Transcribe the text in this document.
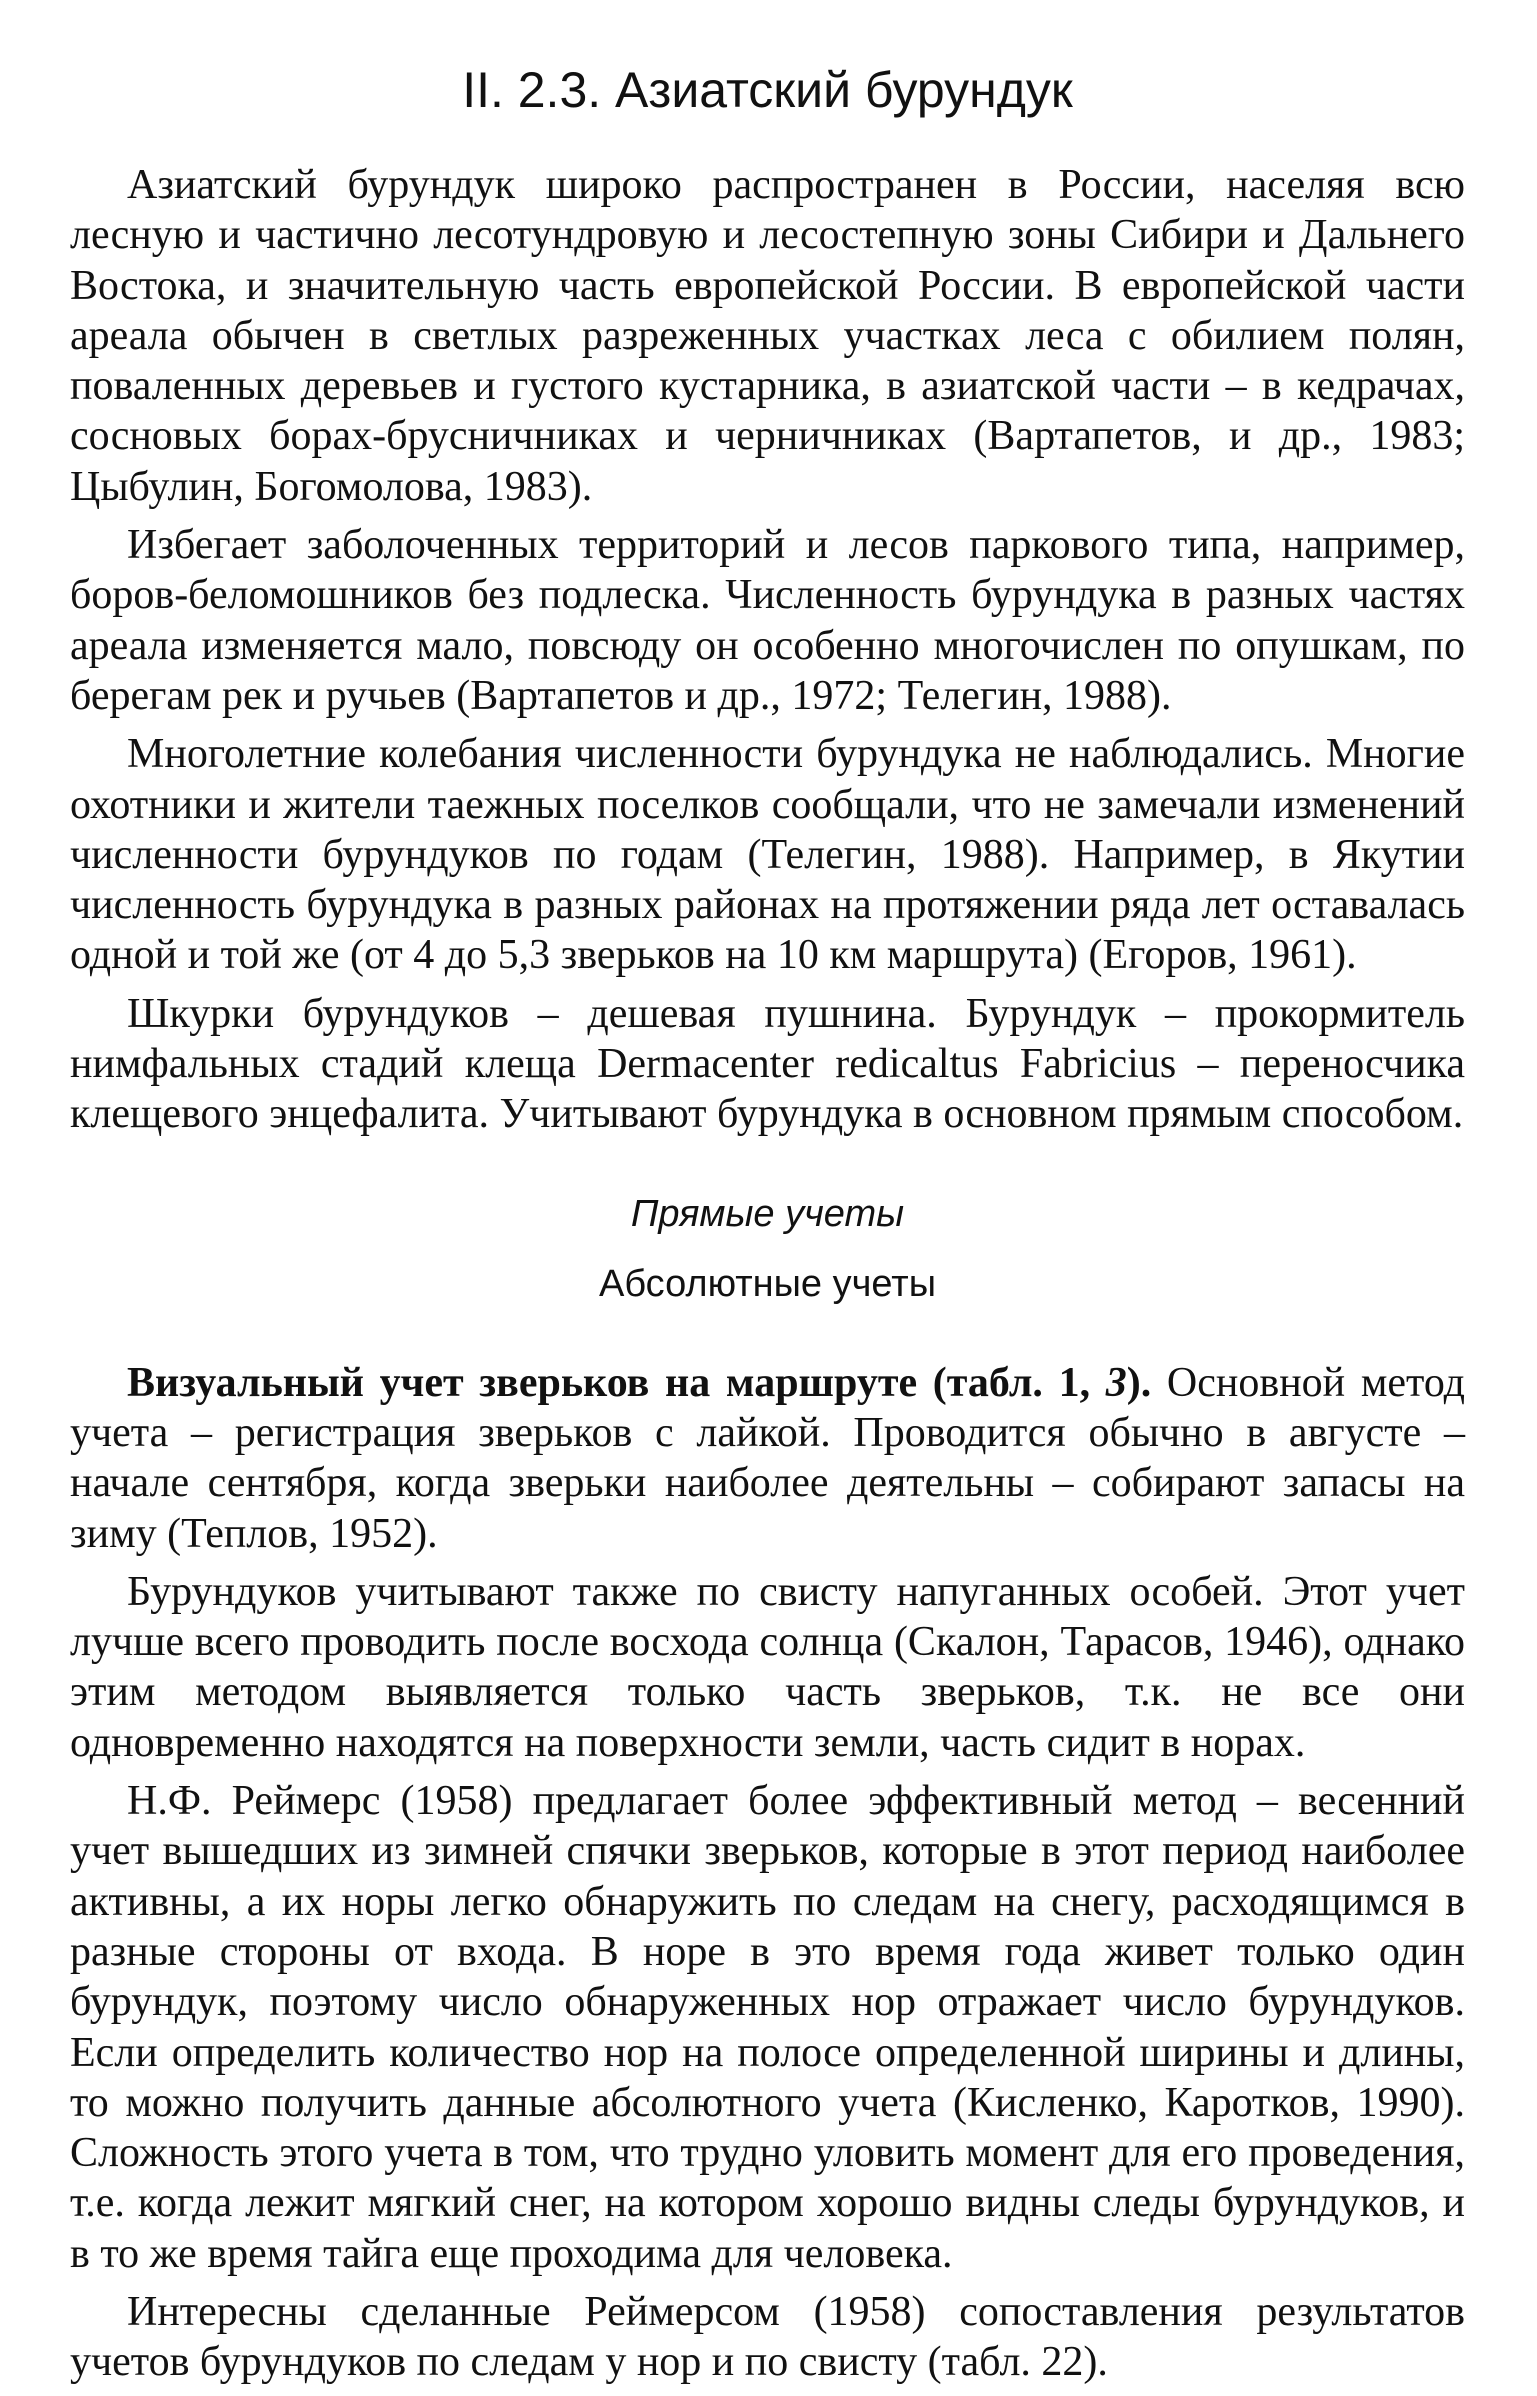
II. 2.3. Азиатский бурундук

Азиатский бурундук широко распространен в России, населяя всю лесную и частично лесотундровую и лесостепную зоны Сибири и Дальнего Востока, и значительную часть европейской России. В европейской части ареала обычен в светлых разреженных участках леса с обилием полян, поваленных деревьев и густого кустарника, в азиатской части – в кедрачах, сосновых борах-брусничниках и черничниках (Вартапетов, и др., 1983; Цыбулин, Богомолова, 1983).

Избегает заболоченных территорий и лесов паркового типа, например, боров-беломошников без подлеска. Численность бурундука в разных частях ареала изменяется мало, повсюду он особенно многочислен по опушкам, по берегам рек и ручьев (Вартапетов и др., 1972; Телегин, 1988).

Многолетние колебания численности бурундука не наблюдались. Многие охотники и жители таежных поселков сообщали, что не замечали изменений численности бурундуков по годам (Телегин, 1988). Например, в Якутии численность бурундука в разных районах на протяжении ряда лет оставалась одной и той же (от 4 до 5,3 зверьков на 10 км маршрута) (Егоров, 1961).

Шкурки бурундуков – дешевая пушнина. Бурундук – прокормитель нимфальных стадий клеща Dermacenter redicaltus Fabricius – переносчика клещевого энцефалита. Учитывают бурундука в основном прямым способом.

Прямые учеты
Абсолютные учеты

Визуальный учет зверьков на маршруте (табл. 1, 3). Основной метод учета – регистрация зверьков с лайкой. Проводится обычно в августе – начале сентября, когда зверьки наиболее деятельны – собирают запасы на зиму (Теплов, 1952).

Бурундуков учитывают также по свисту напуганных особей. Этот учет лучше всего проводить после восхода солнца (Скалон, Тарасов, 1946), однако этим методом выявляется только часть зверьков, т.к. не все они одновременно находятся на поверхности земли, часть сидит в норах.

Н.Ф. Реймерс (1958) предлагает более эффективный метод – весенний учет вышедших из зимней спячки зверьков, которые в этот период наиболее активны, а их норы легко обнаружить по следам на снегу, расходящимся в разные стороны от входа. В норе в это время года живет только один бурундук, поэтому число обнаруженных нор отражает число бурундуков. Если определить количество нор на полосе определенной ширины и длины, то можно получить данные абсолютного учета (Кисленко, Каротков, 1990). Сложность этого учета в том, что трудно уловить момент для его проведения, т.е. когда лежит мягкий снег, на котором хорошо видны следы бурундуков, и в то же время тайга еще проходима для человека.

Интересны сделанные Реймерсом (1958) сопоставления результатов учетов бурундуков по следам у нор и по свисту (табл. 22).
